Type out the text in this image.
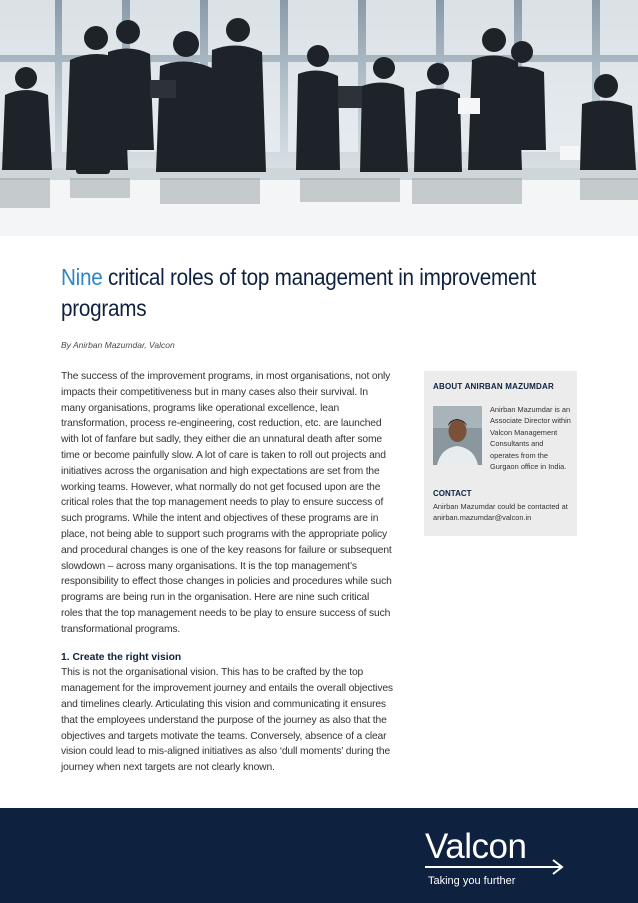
Nine critical roles of top management in improvement programs
By Anirban Mazumdar, Valcon

The success of the improvement programs, in most organisations, not only impacts their competitiveness but in many cases also their survival. In many organisations, programs like operational excellence, lean transformation, process re-engineering, cost reduction, etc. are launched with lot of fanfare but sadly, they either die an unnatural death after some time or become painfully slow. A lot of care is taken to roll out projects and initiatives across the organisation and high expectations are set from the working teams. However, what normally do not get focused upon are the critical roles that the top management needs to play to ensure success of such programs. While the intent and objectives of these programs are in place, not being able to support such programs with the appropriate policy and procedural changes is one of the key reasons for failure or subsequent slowdown – across many organisations. It is the top management’s responsibility to effect those changes in policies and procedures while such programs are being run in the organisation. Here are nine such critical roles that the top management needs to be play to ensure success of such transformational programs.

1. Create the right vision

This is not the organisational vision. This has to be crafted by the top management for the improvement journey and entails the overall objectives and timelines clearly. Articulating this vision and communicating it ensures that the employees understand the purpose of the journey as also that the objectives and targets motivate the teams. Conversely, absence of a clear vision could lead to mis-aligned initiatives as also ‘dull moments’ during the journey when next targets are not clearly known.

ABOUT ANIRBAN MAZUMDAR
Anirban Mazumdar is an Associate Director within Valcon Management Consultants and operates from the Gurgaon office in India.
CONTACT
Anirban Mazumdar could be contacted at anirban.mazumdar@valcon.in
Valcon
Taking you further
